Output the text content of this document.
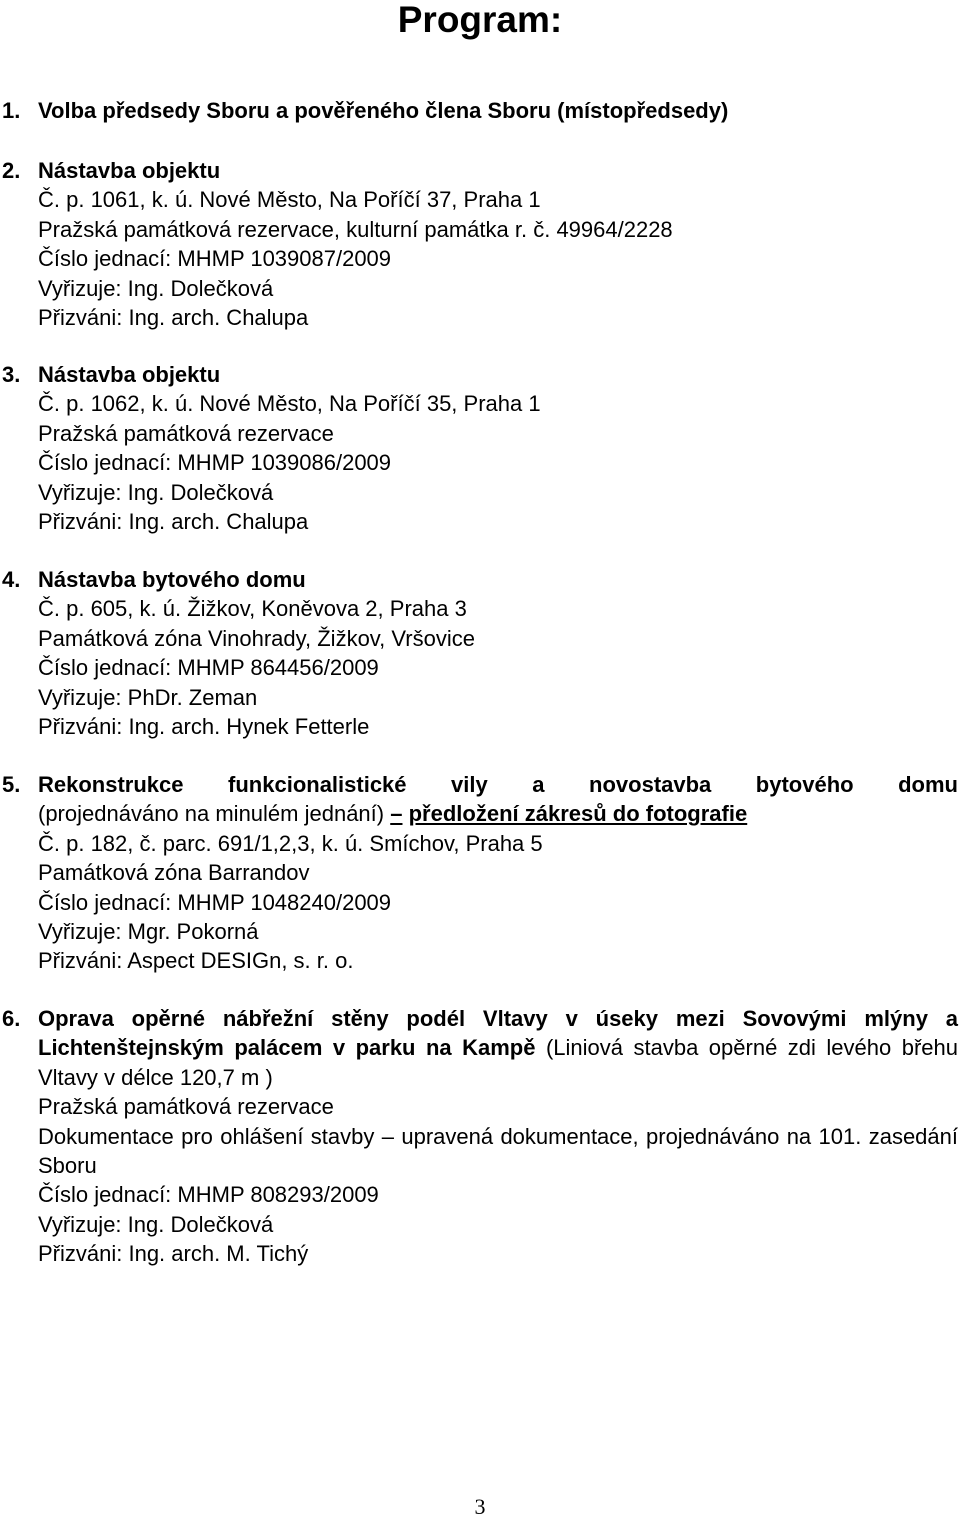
Program:
1. Volba předsedy Sboru a pověřeného člena Sboru (místopředsedy)
2. Nástavba objektu
Č. p. 1061, k. ú. Nové Město, Na Poříčí 37, Praha 1
Pražská památková rezervace, kulturní památka r. č. 49964/2228
Číslo jednací: MHMP 1039087/2009
Vyřizuje: Ing. Dolečková
Přizváni: Ing. arch. Chalupa
3. Nástavba objektu
Č. p. 1062, k. ú. Nové Město, Na Poříčí 35, Praha 1
Pražská památková rezervace
Číslo jednací: MHMP 1039086/2009
Vyřizuje: Ing. Dolečková
Přizváni: Ing. arch. Chalupa
4. Nástavba bytového domu
Č. p. 605, k. ú. Žižkov, Koněvova 2, Praha 3
Památková zóna Vinohrady, Žižkov, Vršovice
Číslo jednací: MHMP 864456/2009
Vyřizuje: PhDr. Zeman
Přizváni: Ing. arch. Hynek Fetterle
5. Rekonstrukce funkcionalistické vily a novostavba bytového domu
(projednáváno na minulém jednání) – předložení zákresů do fotografie
Č. p. 182, č. parc. 691/1,2,3, k. ú. Smíchov, Praha 5
Památková zóna Barrandov
Číslo jednací: MHMP 1048240/2009
Vyřizuje: Mgr. Pokorná
Přizváni: Aspect DESIGn, s. r. o.
6. Oprava opěrné nábřežní stěny podél Vltavy v úseky mezi Sovovými mlýny a Lichtenštejnským palácem v parku na Kampě (Liniová stavba opěrné zdi levého břehu Vltavy v délce 120,7 m )
Pražská památková rezervace
Dokumentace pro ohlášení stavby – upravená dokumentace, projednáváno na 101. zasedání Sboru
Číslo jednací: MHMP 808293/2009
Vyřizuje: Ing. Dolečková
Přizváni: Ing. arch. M. Tichý
3
